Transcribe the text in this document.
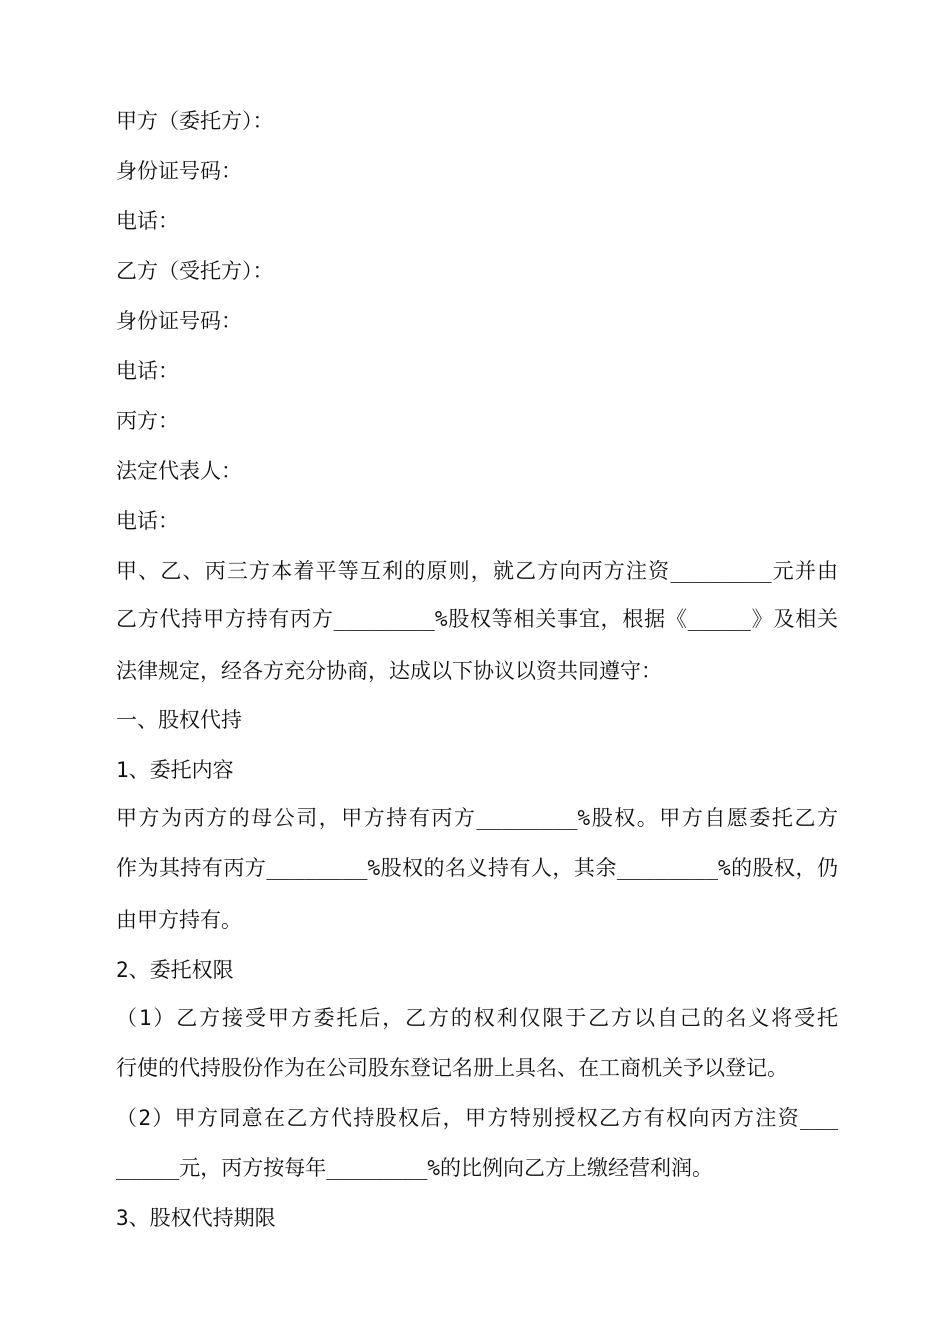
甲方（委托方）：
身份证号码：
电话：
乙方（受托方）：
身份证号码：
电话：
丙方：
法定代表人：
电话：
甲、乙、丙三方本着平等互利的原则，就乙方向丙方注资________元并由
乙方代持甲方持有丙方________%股权等相关事宜，根据《_____》及相关
法律规定，经各方充分协商，达成以下协议以资共同遵守：
一、股权代持
1、委托内容
甲方为丙方的母公司，甲方持有丙方________%股权。甲方自愿委托乙方
作为其持有丙方________%股权的名义持有人，其余________%的股权，仍
由甲方持有。
2、委托权限
（1）乙方接受甲方委托后，乙方的权利仅限于乙方以自己的名义将受托
行使的代持股份作为在公司股东登记名册上具名、在工商机关予以登记。
（2）甲方同意在乙方代持股权后，甲方特别授权乙方有权向丙方注资___
_____元，丙方按每年________%的比例向乙方上缴经营利润。
3、股权代持期限
